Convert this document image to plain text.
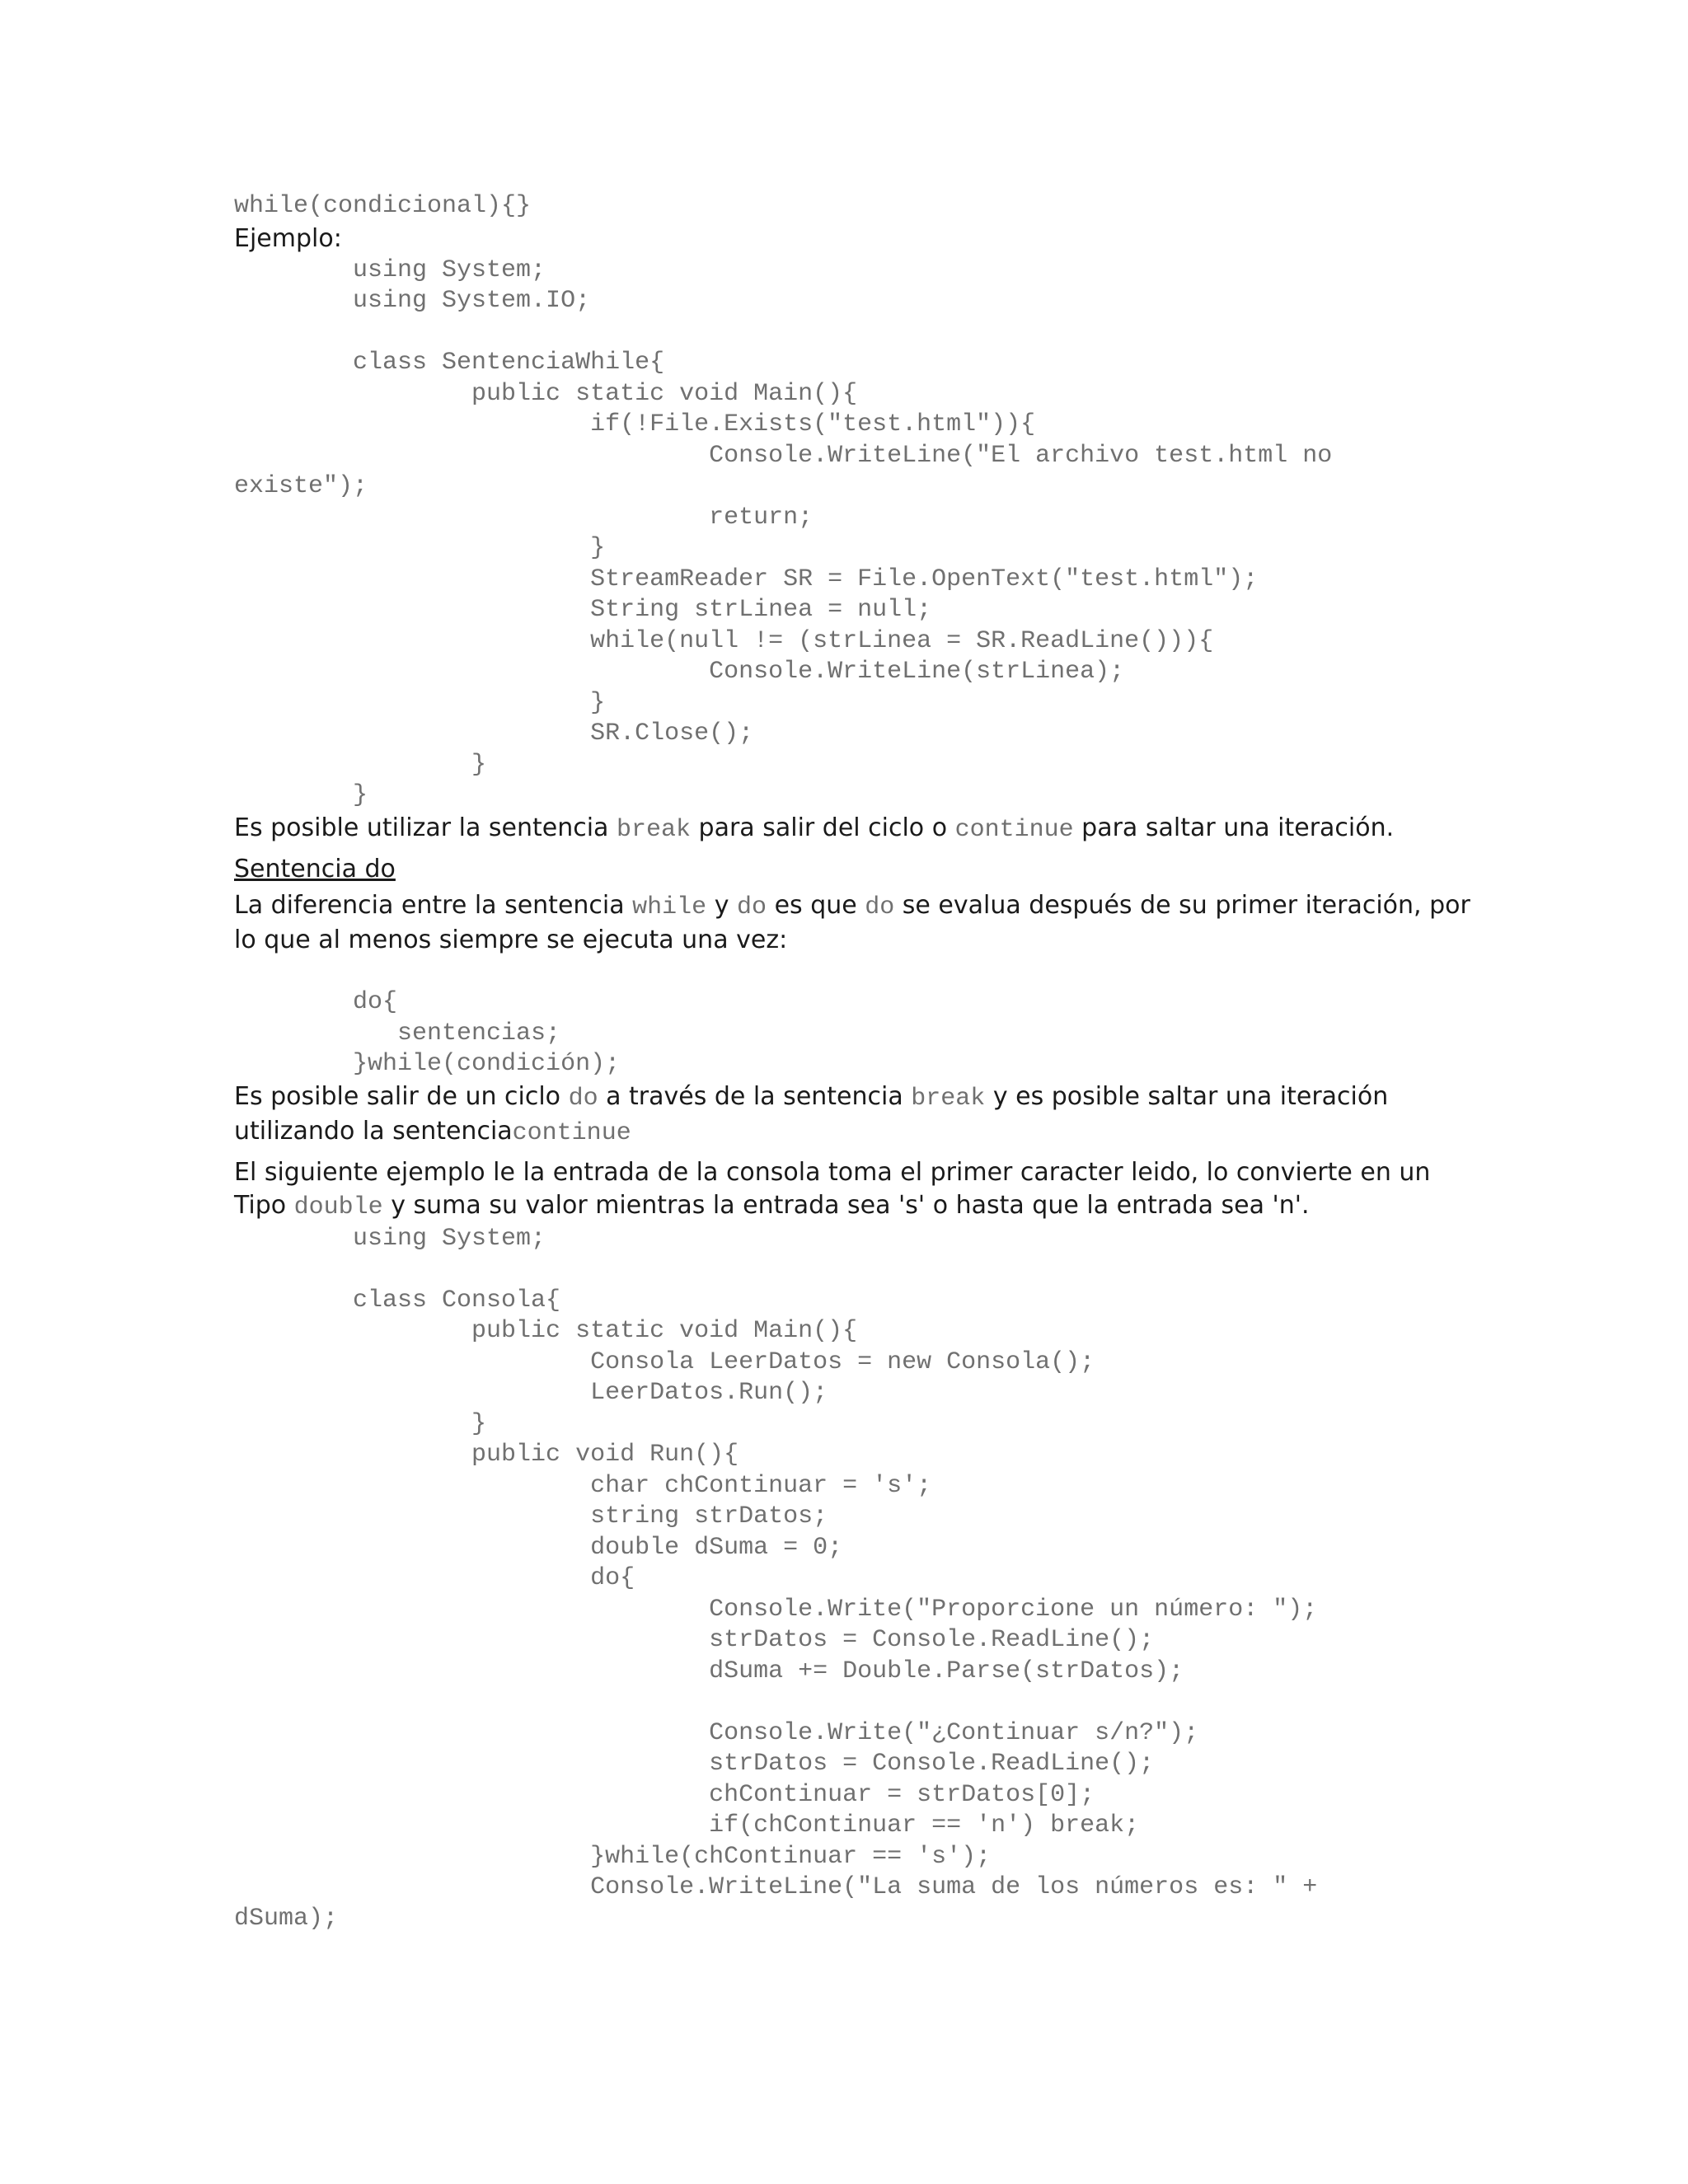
while(condicional){}

Ejemplo:

using System;
using System.IO;

class SentenciaWhile{
public static void Main(){
if(!File.Exists("test.html")){
Console.WriteLine("El archivo test.html no
existe");
return;
}
StreamReader SR = File.OpenText("test.html");
String strLinea = null;
while(null != (strLinea = SR.ReadLine())){
Console.WriteLine(strLinea);
}
SR.Close();
}
}

Es posible utilizar la sentencia break para salir del ciclo o continue para saltar una iteración.

Sentencia do

La diferencia entre la sentencia while y do es que do se evalua después de su primer iteración, por lo que al menos siempre se ejecuta una vez:

do{
sentencias;
}while(condición);

Es posible salir de un ciclo do a través de la sentencia break y es posible saltar una iteración utilizando la sentenciacontinue

El siguiente ejemplo le la entrada de la consola toma el primer caracter leido, lo convierte en un Tipo double y suma su valor mientras la entrada sea 's' o hasta que la entrada sea 'n'.

using System;

class Consola{
public static void Main(){
Consola LeerDatos = new Consola();
LeerDatos.Run();
}
public void Run(){
char chContinuar = 's';
string strDatos;
double dSuma = 0;
do{
Console.Write("Proporcione un número: ");
strDatos = Console.ReadLine();
dSuma += Double.Parse(strDatos);

Console.Write("¿Continuar s/n?");
strDatos = Console.ReadLine();
chContinuar = strDatos[0];
if(chContinuar == 'n') break;
}while(chContinuar == 's');
Console.WriteLine("La suma de los números es: " +
dSuma);
